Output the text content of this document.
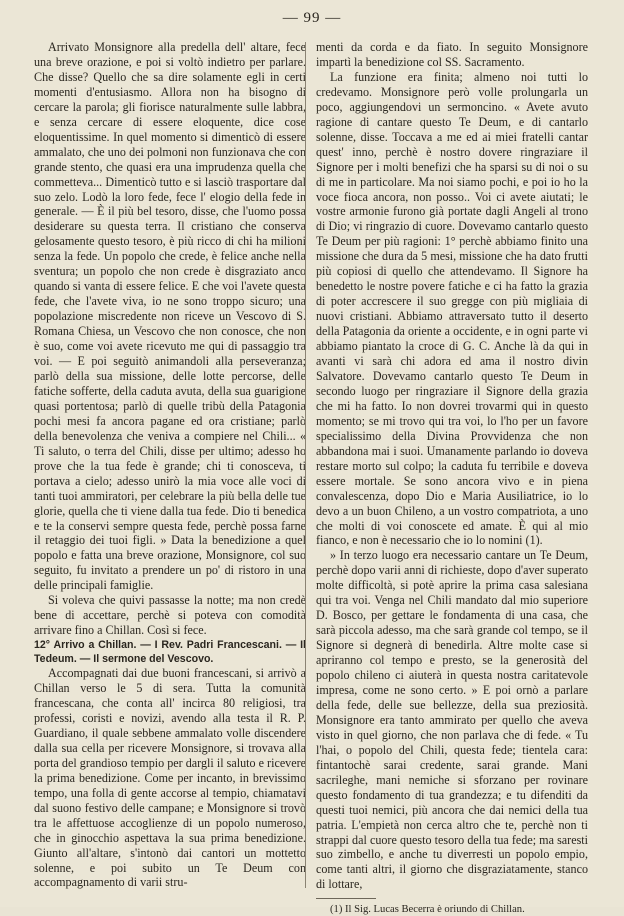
— 99 —

Arrivato Monsignore alla predella dell' altare, fece una breve orazione, e poi si voltò indietro per parlare. Che disse? Quello che sa dire solamente egli in certi momenti d'entusiasmo. Allora non ha bisogno di cercare la parola; gli fiorisce naturalmente sulle labbra, e senza cercare di essere eloquente, dice cose eloquentissime. In quel momento si dimenticò di essere ammalato, che uno dei polmoni non funzionava che con grande stento, che quasi era una imprudenza quella che commetteva... Dimenticò tutto e si lasciò trasportare dal suo zelo. Lodò la loro fede, fece l' elogio della fede in generale. — È il più bel tesoro, disse, che l'uomo possa desiderare su questa terra. Il cristiano che conserva gelosamente questo tesoro, è più ricco di chi ha milioni senza la fede. Un popolo che crede, è felice anche nella sventura; un popolo che non crede è disgraziato anco quando si vanta di essere felice. E che voi l'avete questa fede, che l'avete viva, io ne sono troppo sicuro; una popolazione miscredente non riceve un Vescovo di S. Romana Chiesa, un Vescovo che non conosce, che non è suo, come voi avete ricevuto me qui di passaggio tra voi. — E poi seguitò animandoli alla perseveranza; parlò della sua missione, delle lotte percorse, delle fatiche sofferte, della caduta avuta, della sua guarigione quasi portentosa; parlò di quelle tribù della Patagonia pochi mesi fa ancora pagane ed ora cristiane; parlò della benevolenza che veniva a compiere nel Chili... « Ti saluto, o terra del Chili, disse per ultimo; adesso ho prove che la tua fede è grande; chi ti conosceva, ti portava a cielo; adesso unirò la mia voce alle voci di tanti tuoi ammiratori, per celebrare la più bella delle tue glorie, quella che ti viene dalla tua fede. Dio ti benedica e te la conservi sempre questa fede, perchè possa farne il retaggio dei tuoi figli. » Data la benedizione a quel popolo e fatta una breve orazione, Monsignore, col suo seguito, fu invitato a prendere un po' di ristoro in una delle principali famiglie.

Si voleva che quivi passasse la notte; ma non credè bene di accettare, perchè si poteva con comodità arrivare fino a Chillan. Così si fece.

12° Arrivo a Chillan. — I Rev. Padri Francescani. — Il Tedeum. — Il sermone del Vescovo.

Accompagnati dai due buoni francescani, si arrivò a Chillan verso le 5 di sera. Tutta la comunità francescana, che conta all' incirca 80 religiosi, tra professi, coristi e novizi, avendo alla testa il R. P. Guardiano, il quale sebbene ammalato volle discendere dalla sua cella per ricevere Monsignore, si trovava alla porta del grandioso tempio per dargli il saluto e ricevere la prima benedizione. Come per incanto, in brevissimo tempo, una folla di gente accorse al tempio, chiamatavi dal suono festivo delle campane; e Monsignore si trovò tra le affettuose accoglienze di un popolo numeroso, che in ginocchio aspettava la sua prima benedizione. Giunto all'altare, s'intonò dai cantori un mottetto solenne, e poi subito un Te Deum con accompagnamento di varii stru-

menti da corda e da fiato. In seguito Monsignore impartì la benedizione col SS. Sacramento.

La funzione era finita; almeno noi tutti lo credevamo. Monsignore però volle prolungarla un poco, aggiungendovi un sermoncino. « Avete avuto ragione di cantare questo Te Deum, e di cantarlo solenne, disse. Toccava a me ed ai miei fratelli cantar quest' inno, perchè è nostro dovere ringraziare il Signore per i molti benefizi che ha sparsi su di noi o su di me in particolare. Ma noi siamo pochi, e poi io ho la voce fioca ancora, non posso.. Voi ci avete aiutati; le vostre armonie furono già portate dagli Angeli al trono di Dio; vi ringrazio di cuore. Dovevamo cantarlo questo Te Deum per più ragioni: 1° perchè abbiamo finito una missione che dura da 5 mesi, missione che ha dato frutti più copiosi di quello che attendevamo. Il Signore ha benedetto le nostre povere fatiche e ci ha fatto la grazia di poter accrescere il suo gregge con più migliaia di nuovi cristiani. Abbiamo attraversato tutto il deserto della Patagonia da oriente a occidente, e in ogni parte vi abbiamo piantato la croce di G. C. Anche là da qui in avanti vi sarà chi adora ed ama il nostro divin Salvatore. Dovevamo cantarlo questo Te Deum in secondo luogo per ringraziare il Signore della grazia che mi ha fatto. Io non dovrei trovarmi qui in questo momento; se mi trovo qui tra voi, lo l'ho per un favore specialissimo della Divina Provvidenza che non abbandona mai i suoi. Umanamente parlando io doveva restare morto sul colpo; la caduta fu terribile e doveva essere mortale. Se sono ancora vivo e in piena convalescenza, dopo Dio e Maria Ausiliatrice, io lo devo a un buon Chileno, a un vostro compatriota, a uno che molti di voi conoscete ed amate. È qui al mio fianco, e non è necessario che io lo nomini (1).

» In terzo luogo era necessario cantare un Te Deum, perchè dopo varii anni di richieste, dopo d'aver superato molte difficoltà, si potè aprire la prima casa salesiana qui tra voi. Venga nel Chili mandato dal mio superiore D. Bosco, per gettare le fondamenta di una casa, che sarà piccola adesso, ma che sarà grande col tempo, se il Signore si degnerà di benedirla. Altre molte case si apriranno col tempo e presto, se la generosità del popolo chileno ci aiuterà in questa nostra caritatevole impresa, come ne sono certo. » E poi ornò a parlare della fede, delle sue bellezze, della sua preziosità. Monsignore era tanto ammirato per quello che aveva visto in quel giorno, che non parlava che di fede. « Tu l'hai, o popolo del Chili, questa fede; tientela cara: fintantochè sarai credente, sarai grande. Mani sacrileghe, mani nemiche si sforzano per rovinare questo fondamento di tua grandezza; e tu difenditi da questi tuoi nemici, più ancora che dai nemici della tua patria. L'empietà non cerca altro che te, perchè non ti strappi dal cuore questo tesoro della tua fede; ma saresti suo zimbello, e anche tu diverresti un popolo empio, come tanti altri, il giorno che disgraziatamente, stanco di lottare,

(1) Il Sig. Lucas Becerra è oriundo di Chillan.
